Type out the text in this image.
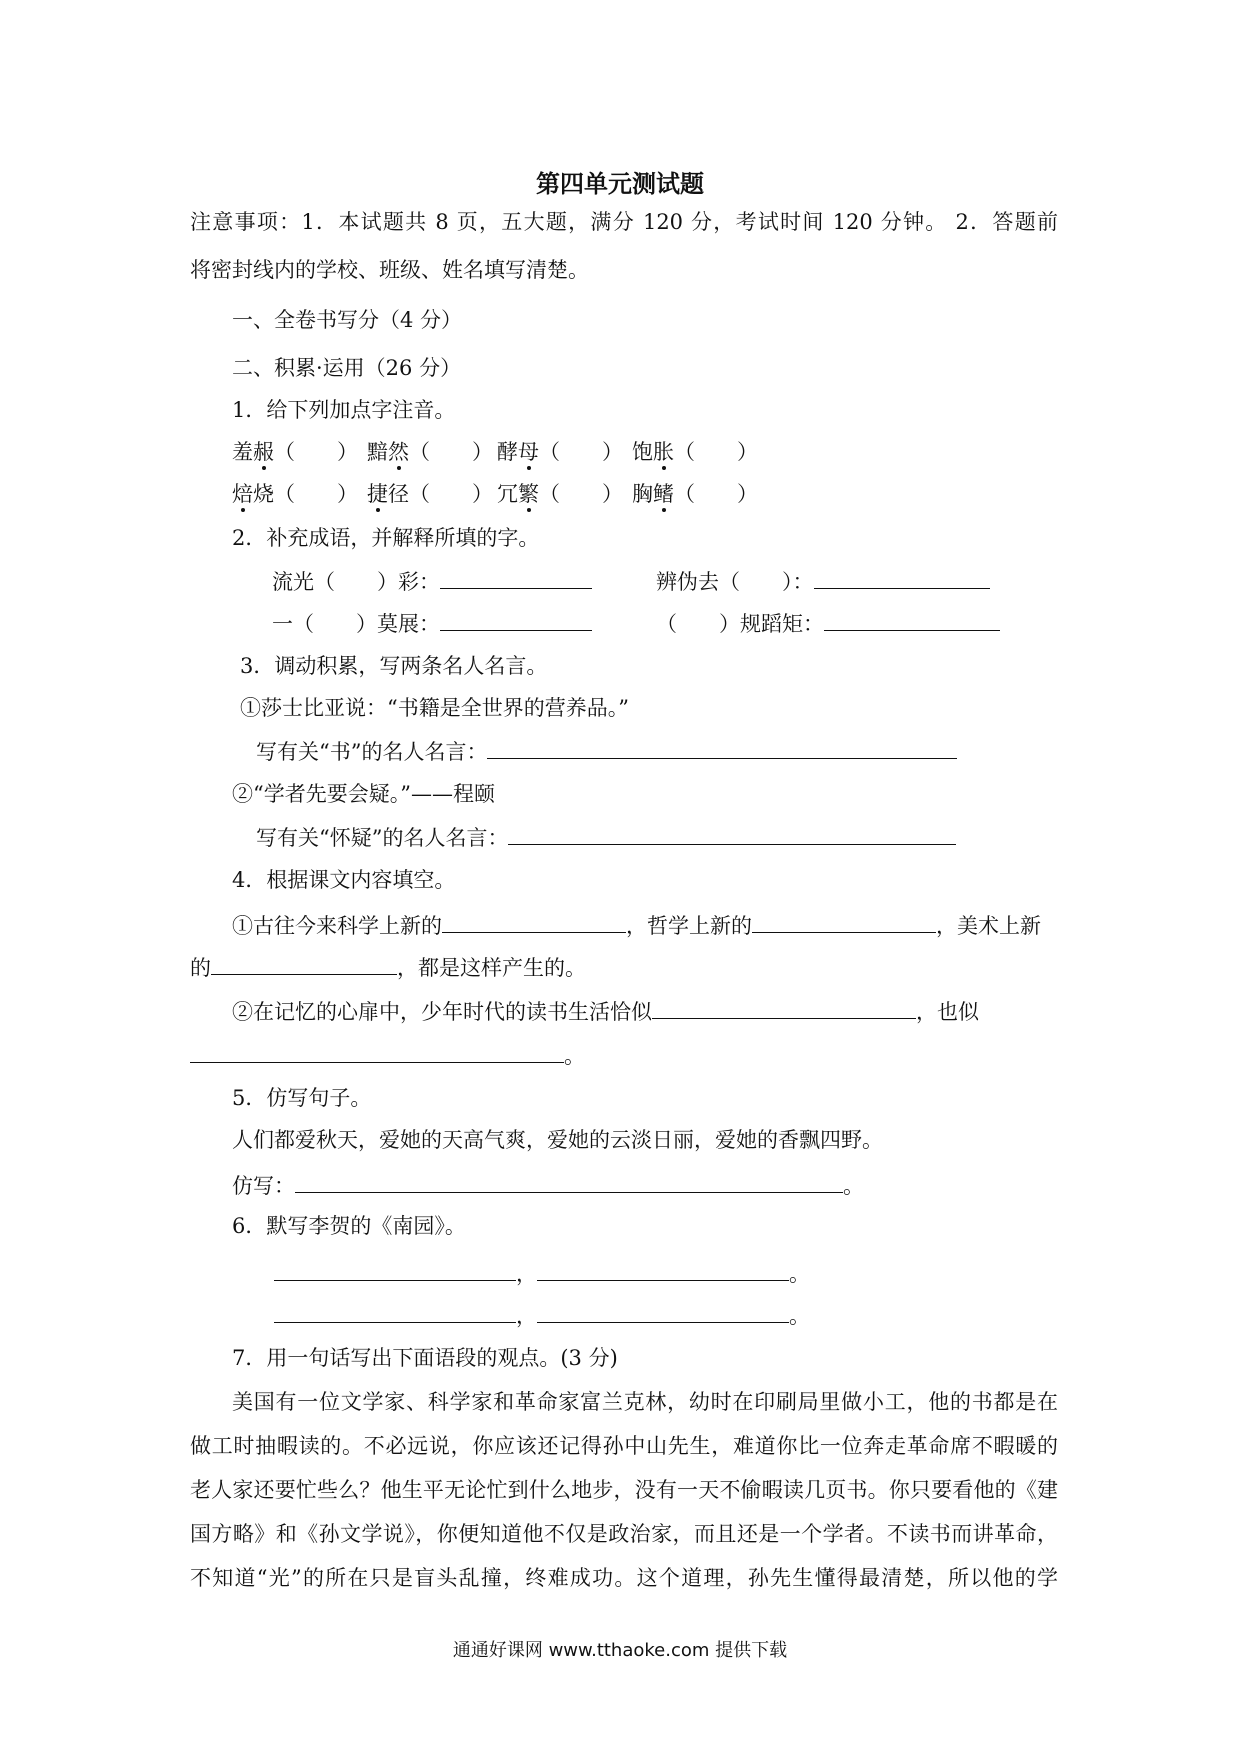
第四单元测试题
注意事项：1．本试题共 8 页，五大题，满分 120 分，考试时间 120 分钟。 2．答题前
将密封线内的学校、班级、姓名填写清楚。
一、全卷书写分（4 分）
二、积累·运用（26 分）
1．给下列加点字注音。
羞赧（　　） 黯然（　　） 酵母（　　） 饱胀（　　）
焙烧（　　） 捷径（　　） 冗繁（　　） 胸鳍（　　）
2．补充成语，并解释所填的字。
流光（　　）彩：	辨伪去（　　）：
一（　　）莫展：	（　　）规蹈矩：
3．调动积累，写两条名人名言。
①莎士比亚说：“书籍是全世界的营养品。”
写有关“书”的名人名言：
②“学者先要会疑。”——程颐
写有关“怀疑”的名人名言：
4．根据课文内容填空。
①古往今来科学上新的	，哲学上新的	，美术上新
的	，都是这样产生的。
②在记忆的心扉中，少年时代的读书生活恰似	，也似
。
5．仿写句子。
人们都爱秋天，爱她的天高气爽，爱她的云淡日丽，爱她的香飘四野。
仿写：	。
6．默写李贺的《南园》。
，	。
，	。
7．用一句话写出下面语段的观点。(3 分)
美国有一位文学家、科学家和革命家富兰克林，幼时在印刷局里做小工，他的书都是在
做工时抽暇读的。不必远说，你应该还记得孙中山先生，难道你比一位奔走革命席不暇暖的
老人家还要忙些么？他生平无论忙到什么地步，没有一天不偷暇读几页书。你只要看他的《建
国方略》和《孙文学说》，你便知道他不仅是政治家，而且还是一个学者。不读书而讲革命，
不知道“光”的所在只是盲头乱撞，终难成功。这个道理，孙先生懂得最清楚，所以他的学
通通好课网 www.tthaoke.com 提供下载
